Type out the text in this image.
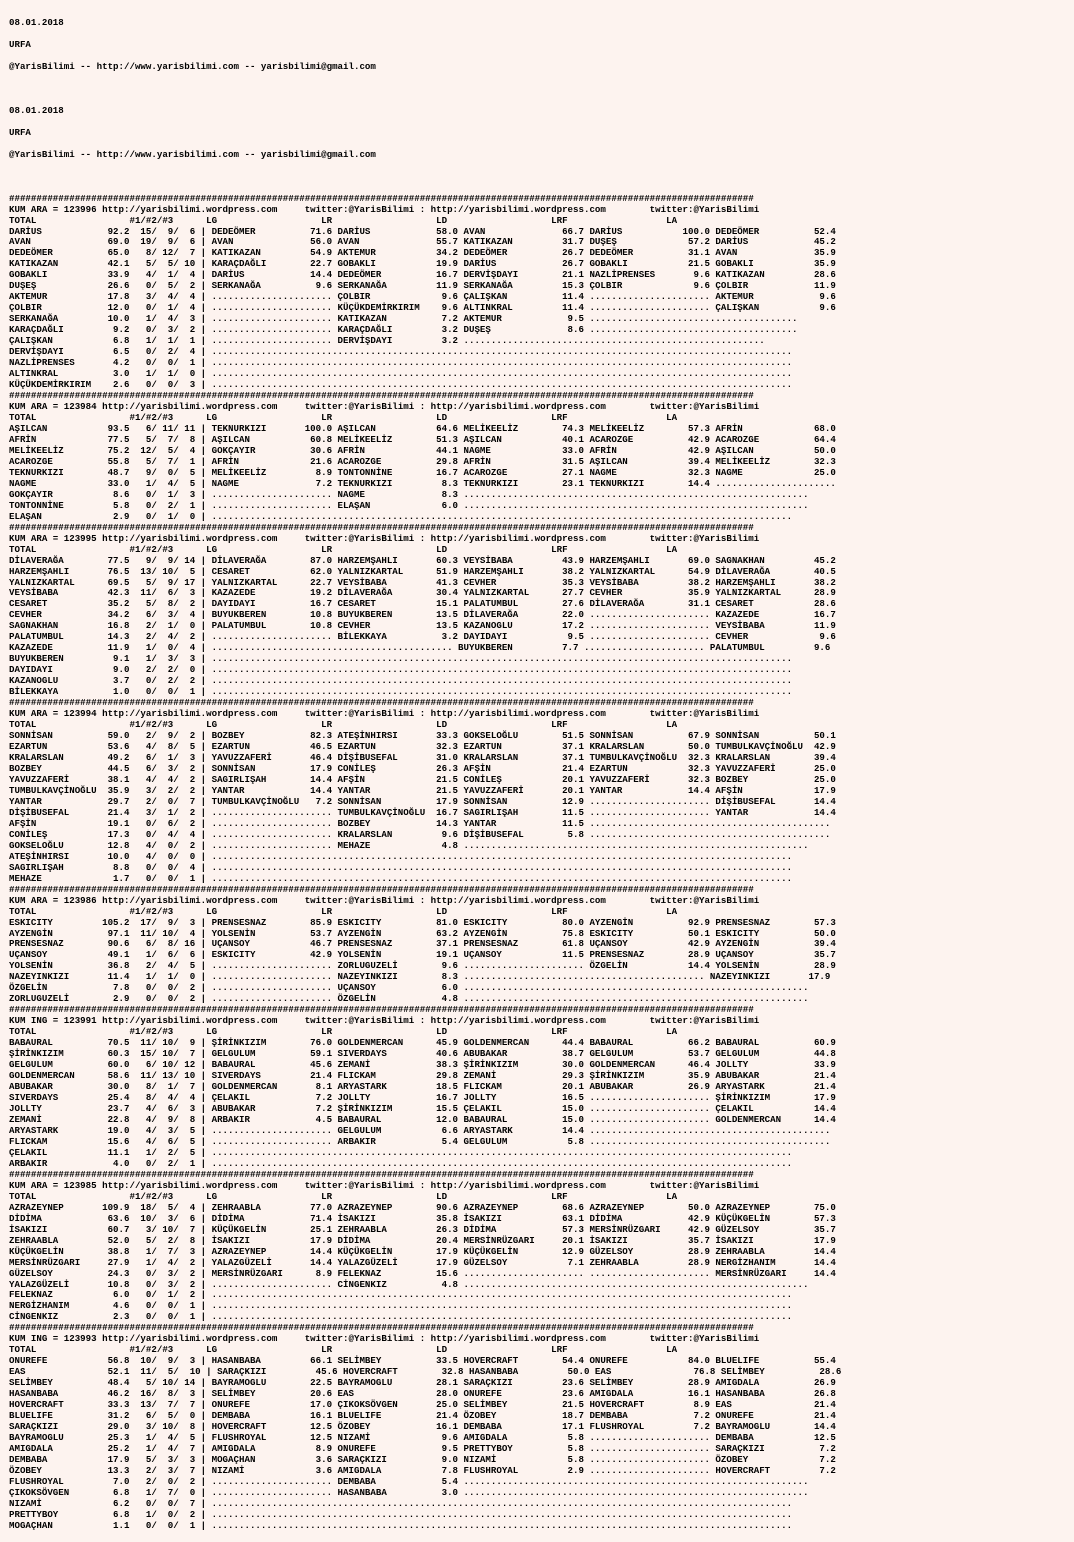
08.01.2018

URFA

@YarisBilimi -- http://www.yarisbilimi.com -- yarisbilimi@gmail.com

08.01.2018

URFA

@YarisBilimi -- http://www.yarisbilimi.com -- yarisbilimi@gmail.com

########################################################################################################################################
KUM ARA = 123996 http://yarisbilimi.wordpress.com     twitter:@YarisBilimi : http://yarisbilimi.wordpress.com        twitter:@YarisBilimi
TOTAL                 #1/#2/#3      LG                   LR                   LD                   LRF                  LA
DARİUS            92.2  15/  9/  6 | DEDEÖMER          71.6 DARİUS            58.0 AVAN              66.7 DARİUS           100.0 DEDEÖMER          52.4
AVAN              69.0  19/  9/  6 | AVAN              56.0 AVAN              55.7 KATIKAZAN         31.7 DUŞEŞ             57.2 DARİUS            45.2
DEDEÖMER          65.0   8/ 12/  7 | KATIKAZAN         54.9 AKTEMUR           34.2 DEDEÖMER          26.7 DEDEÖMER          31.1 AVAN              35.9
KATIKAZAN         42.1   5/  5/ 10 | KARAÇDAĞLI        22.7 GOBAKLI           19.9 DARİUS            26.7 GOBAKLI           21.5 GOBAKLI           35.9
GOBAKLI           33.9   4/  1/  4 | DARİUS            14.4 DEDEÖMER          16.7 DERVİŞDAYI        21.1 NAZLİPRENSES       9.6 KATIKAZAN         28.6
DUŞEŞ             26.6   0/  5/  2 | SERKANAĞA          9.6 SERKANAĞA         11.9 SERKANAĞA         15.3 ÇOLBIR             9.6 ÇOLBIR            11.9
AKTEMUR           17.8   3/  4/  4 | ...................... ÇOLBIR             9.6 ÇALIŞKAN          11.4 ...................... AKTEMUR            9.6
ÇOLBIR            12.0   0/  1/  4 | ...................... KÜÇÜKDEMİRKIRIM    9.6 ALTINKRAL         11.4 ...................... ÇALIŞKAN           9.6
SERKANAĞA         10.0   1/  4/  3 | ...................... KATIKAZAN          7.2 AKTEMUR            9.5 ......................................
KARAÇDAĞLI         9.2   0/  3/  2 | ...................... KARAÇDAĞLI         3.2 DUŞEŞ              8.6 ......................................
ÇALIŞKAN           6.8   1/  1/  1 | ...................... DERVİŞDAYI         3.2 .......................................................
DERVİŞDAYI         6.5   0/  2/  4 | ..........................................................................................................
NAZLİPRENSES       4.2   0/  0/  1 | ..........................................................................................................
ALTINKRAL          3.0   1/  1/  0 | ..........................................................................................................
KÜÇÜKDEMİRKIRIM    2.6   0/  0/  3 | ..........................................................................................................
########################################################################################################################################
KUM ARA = 123984 http://yarisbilimi.wordpress.com     twitter:@YarisBilimi : http://yarisbilimi.wordpress.com        twitter:@YarisBilimi
TOTAL                 #1/#2/#3      LG                   LR                   LD                   LRF                  LA
AŞILCAN           93.5   6/ 11/ 11 | TEKNURKIZI       100.0 AŞILCAN           64.6 MELİKEELİZ        74.3 MELİKEELİZ        57.3 AFRİN             68.0
AFRİN             77.5   5/  7/  8 | AŞILCAN           60.8 MELİKEELİZ        51.3 AŞILCAN           40.1 ACAROZGE          42.9 ACAROZGE          64.4
MELİKEELİZ        75.2  12/  5/  4 | GOKÇAYIR          30.6 AFRİN             44.1 NAGME             33.0 AFRİN             42.9 AŞILCAN           50.0
ACAROZGE          55.8   5/  7/  1 | AFRİN             21.6 ACAROZGE          29.8 AFRİN             31.5 AŞILCAN           39.4 MELİKEELİZ        32.3
TEKNURKIZI        48.7   9/  0/  5 | MELİKEELİZ         8.9 TONTONNİNE        16.7 ACAROZGE          27.1 NAGME             32.3 NAGME             25.0
NAGME             33.0   1/  4/  5 | NAGME              7.2 TEKNURKIZI         8.3 TEKNURKIZI        23.1 TEKNURKIZI        14.4 ......................
GOKÇAYIR           8.6   0/  1/  3 | ...................... NAGME              8.3 ...............................................................
TONTONNİNE         5.8   0/  2/  1 | ...................... ELAŞAN             6.0 ...............................................................
ELAŞAN             2.9   0/  1/  0 | ..........................................................................................................
########################################################################################################################################
KUM ARA = 123995 http://yarisbilimi.wordpress.com     twitter:@YarisBilimi : http://yarisbilimi.wordpress.com        twitter:@YarisBilimi
TOTAL                 #1/#2/#3      LG                   LR                   LD                   LRF                  LA
DİLAVERAĞA        77.5   9/  9/ 14 | DİLAVERAĞA        87.0 HARZEMŞAHLI       60.3 VEYSİBABA         43.9 HARZEMŞAHLI       69.0 SAGNAKHAN         45.2
HARZEMŞAHLI       76.5  13/ 10/  5 | CESARET           62.0 YALNIZKARTAL      51.9 HARZEMŞAHLI       38.2 YALNIZKARTAL      54.9 DİLAVERAĞA        40.5
YALNIZKARTAL      69.5   5/  9/ 17 | YALNIZKARTAL      22.7 VEYSİBABA         41.3 CEVHER            35.3 VEYSİBABA         38.2 HARZEMŞAHLI       38.2
VEYSİBABA         42.3  11/  6/  3 | KAZAZEDE          19.2 DİLAVERAĞA        30.4 YALNIZKARTAL      27.7 CEVHER            35.9 YALNIZKARTAL      28.9
CESARET           35.2   5/  8/  2 | DAYIDAYI          16.7 CESARET           15.1 PALATUMBUL        27.6 DİLAVERAĞA        31.1 CESARET           28.6
CEVHER            34.2   6/  3/  4 | BUYUKBEREN        10.8 BUYUKBEREN        13.5 DİLAVERAĞA        22.0 ...................... KAZAZEDE          16.7
SAGNAKHAN         16.8   2/  1/  0 | PALATUMBUL        10.8 CEVHER            13.5 KAZANOGLU         17.2 ...................... VEYSİBABA         11.9
PALATUMBUL        14.3   2/  4/  2 | ...................... BİLEKKAYA          3.2 DAYIDAYI           9.5 ...................... CEVHER             9.6
KAZAZEDE          11.9   1/  0/  4 | ............................................ BUYUKBEREN         7.7 ...................... PALATUMBUL         9.6
BUYUKBEREN         9.1   1/  3/  3 | ..........................................................................................................
DAYIDAYI           9.0   2/  2/  0 | ..........................................................................................................
KAZANOGLU          3.7   0/  2/  2 | ..........................................................................................................
BİLEKKAYA          1.0   0/  0/  1 | ..........................................................................................................
########################################################################################################################################
KUM ARA = 123994 http://yarisbilimi.wordpress.com     twitter:@YarisBilimi : http://yarisbilimi.wordpress.com        twitter:@YarisBilimi
TOTAL                 #1/#2/#3      LG                   LR                   LD                   LRF                  LA
SONNİSAN          59.0   2/  9/  2 | BOZBEY            82.3 ATEŞİNHIRSI       33.3 GOKSELOĞLU        51.5 SONNİSAN          67.9 SONNİSAN          50.1
EZARTUN           53.6   4/  8/  5 | EZARTUN           46.5 EZARTUN           32.3 EZARTUN           37.1 KRALARSLAN        50.0 TUMBULKAVÇİNOĞLU  42.9
KRALARSLAN        49.2   6/  1/  3 | YAVUZZAFERİ       46.4 DİŞİBUSEFAL       31.0 KRALARSLAN        37.1 TUMBULKAVÇİNOĞLU  32.3 KRALARSLAN        39.4
BOZBEY            44.5   6/  3/  2 | SONNİSAN          17.9 CONİLEŞ           26.3 AFŞİN             21.4 EZARTUN           32.3 YAVUZZAFERİ       25.0
YAVUZZAFERİ       38.1   4/  4/  2 | SAGIRLIŞAH        14.4 AFŞİN             21.5 CONİLEŞ           20.1 YAVUZZAFERİ       32.3 BOZBEY            25.0
TUMBULKAVÇİNOĞLU  35.9   3/  2/  2 | YANTAR            14.4 YANTAR            21.5 YAVUZZAFERİ       20.1 YANTAR            14.4 AFŞİN             17.9
YANTAR            29.7   2/  0/  7 | TUMBULKAVÇİNOĞLU   7.2 SONNİSAN          17.9 SONNİSAN          12.9 ...................... DİŞİBUSEFAL       14.4
DİŞİBUSEFAL       21.4   3/  1/  2 | ...................... TUMBULKAVÇİNOĞLU  16.7 SAGIRLIŞAH        11.5 ...................... YANTAR            14.4
AFŞİN             19.1   0/  6/  2 | ...................... BOZBEY            14.3 YANTAR            11.5 ............................................
CONİLEŞ           17.3   0/  4/  4 | ...................... KRALARSLAN         9.6 DİŞİBUSEFAL        5.8 ............................................
GOKSELOĞLU        12.8   4/  0/  2 | ...................... MEHAZE             4.8 ...............................................................
ATEŞİNHIRSI       10.0   4/  0/  0 | ..........................................................................................................
SAGIRLIŞAH         8.8   0/  0/  4 | ..........................................................................................................
MEHAZE             1.7   0/  0/  1 | ..........................................................................................................
########################################################################################################################################
KUM ARA = 123986 http://yarisbilimi.wordpress.com     twitter:@YarisBilimi : http://yarisbilimi.wordpress.com        twitter:@YarisBilimi
TOTAL                 #1/#2/#3      LG                   LR                   LD                   LRF                  LA
ESKICITY         105.2  17/  9/  3 | PRENSESNAZ        85.9 ESKICITY          81.0 ESKICITY          80.0 AYZENGİN          92.9 PRENSESNAZ        57.3
AYZENGİN          97.1  11/ 10/  4 | YOLSENİN          53.7 AYZENGİN          63.2 AYZENGİN          75.8 ESKICITY          50.1 ESKICITY          50.0
PRENSESNAZ        90.6   6/  8/ 16 | UÇANSOY           46.7 PRENSESNAZ        37.1 PRENSESNAZ        61.8 UÇANSOY           42.9 AYZENGİN          39.4
UÇANSOY           49.1   1/  6/  6 | ESKICITY          42.9 YOLSENİN          19.1 UÇANSOY           11.5 PRENSESNAZ        28.9 UÇANSOY           35.7
YOLSENİN          36.8   2/  4/  5 | ...................... ZORLUGUZELİ        9.6 ...................... ÖZGELİN           14.4 YOLSENİN          28.9
NAZEYINKIZI       11.4   1/  1/  0 | ...................... NAZEYINKIZI        8.3 ............................................ NAZEYINKIZI       17.9
ÖZGELİN            7.8   0/  0/  2 | ...................... UÇANSOY            6.0 ...............................................................
ZORLUGUZELİ        2.9   0/  0/  2 | ...................... ÖZGELİN            4.8 ...............................................................
########################################################################################################################################
KUM ING = 123991 http://yarisbilimi.wordpress.com     twitter:@YarisBilimi : http://yarisbilimi.wordpress.com        twitter:@YarisBilimi
TOTAL                 #1/#2/#3      LG                   LR                   LD                   LRF                  LA
BABAURAL          70.5  11/ 10/  9 | ŞİRİNKIZIM        76.0 GOLDENMERCAN      45.9 GOLDENMERCAN      44.4 BABAURAL          66.2 BABAURAL          60.9
ŞİRİNKIZIM        60.3  15/ 10/  7 | GELGULUM          59.1 SIVERDAYS         40.6 ABUBAKAR          38.7 GELGULUM          53.7 GELGULUM          44.8
GELGULUM          60.0   6/ 10/ 12 | BABAURAL          45.6 ZEMANİ            38.3 ŞİRİNKIZIM        30.0 GOLDENMERCAN      46.4 JOLLTY            33.9
GOLDENMERCAN      58.6  11/ 13/ 10 | SIVERDAYS         21.4 FLICKAM           29.8 ZEMANİ            29.3 ŞİRİNKIZIM        35.9 ABUBAKAR          21.4
ABUBAKAR          30.0   8/  1/  7 | GOLDENMERCAN       8.1 ARYASTARK         18.5 FLICKAM           20.1 ABUBAKAR          26.9 ARYASTARK         21.4
SIVERDAYS         25.4   8/  4/  4 | ÇELAKIL            7.2 JOLLTY            16.7 JOLLTY            16.5 ...................... ŞİRİNKIZIM        17.9
JOLLTY            23.7   4/  6/  3 | ABUBAKAR           7.2 ŞİRİNKIZIM        15.5 ÇELAKIL           15.0 ...................... ÇELAKIL           14.4
ZEMANİ            22.8   4/  9/  8 | ARBAKIR            4.5 BABAURAL          12.0 BABAURAL          15.0 ...................... GOLDENMERCAN      14.4
ARYASTARK         19.0   4/  3/  5 | ...................... GELGULUM           6.6 ARYASTARK         14.4 ............................................
FLICKAM           15.6   4/  6/  5 | ...................... ARBAKIR            5.4 GELGULUM           5.8 ............................................
ÇELAKIL           11.1   1/  2/  5 | ..........................................................................................................
ARBAKIR            4.0   0/  2/  1 | ..........................................................................................................
########################################################################################################################################
KUM ARA = 123985 http://yarisbilimi.wordpress.com     twitter:@YarisBilimi : http://yarisbilimi.wordpress.com        twitter:@YarisBilimi
TOTAL                 #1/#2/#3      LG                   LR                   LD                   LRF                  LA
AZRAZEYNEP       109.9  18/  5/  4 | ZEHRAABLA         77.0 AZRAZEYNEP        90.6 AZRAZEYNEP        68.6 AZRAZEYNEP        50.0 AZRAZEYNEP        75.0
DİDİMA            63.6  10/  3/  6 | DİDİMA            71.4 İSAKIZI           35.8 İSAKIZI           63.1 DİDİMA            42.9 KÜÇÜKGELİN        57.3
İSAKIZI           60.7   3/ 10/  7 | KÜÇÜKGELİN        25.1 ZEHRAABLA         26.3 DİDİMA            57.3 MERSİNRÜZGARI     42.9 GÜZELSOY          35.7
ZEHRAABLA         52.0   5/  2/  8 | İSAKIZI           17.9 DİDİMA            20.4 MERSİNRÜZGARI     20.1 İSAKIZI           35.7 İSAKIZI           17.9
KÜÇÜKGELİN        38.8   1/  7/  3 | AZRAZEYNEP        14.4 KÜÇÜKGELİN        17.9 KÜÇÜKGELİN        12.9 GÜZELSOY          28.9 ZEHRAABLA         14.4
MERSİNRÜZGARI     27.9   1/  4/  2 | YALAZGÜZELİ       14.4 YALAZGÜZELİ       17.9 GÜZELSOY           7.1 ZEHRAABLA         28.9 NERGİZHANIM       14.4
GÜZELSOY          24.3   0/  3/  2 | MERSİNRÜZGARI      8.9 FELEKNAZ          15.6 ...................... ...................... MERSİNRÜZGARI     14.4
YALAZGÜZELİ       10.8   0/  3/  2 | ...................... CİNGENKIZ          4.8 ...............................................................
FELEKNAZ           6.0   0/  1/  2 | ..........................................................................................................
NERGİZHANIM        4.6   0/  0/  1 | ..........................................................................................................
CİNGENKIZ          2.3   0/  0/  1 | ..........................................................................................................
########################################################################################################################################
KUM ING = 123993 http://yarisbilimi.wordpress.com     twitter:@YarisBilimi : http://yarisbilimi.wordpress.com        twitter:@YarisBilimi
TOTAL                 #1/#2/#3      LG                   LR                   LD                   LRF                  LA
ONUREFE           56.8  10/  9/  3 | HASANBABA         66.1 SELİMBEY          33.5 HOVERCRAFT        54.4 ONUREFE           84.0 BLUELIFE          55.4
EAS               52.1  11/  5/  10 | SARAÇKIZI         45.6 HOVERCRAFT        32.8 HASANBABA         50.0 EAS               76.8 SELİMBEY          28.6
SELİMBEY          48.4   5/ 10/ 14 | BAYRAMOGLU        22.5 BAYRAMOGLU        28.1 SARAÇKIZI         23.6 SELİMBEY          28.9 AMIGDALA          26.9
HASANBABA         46.2  16/  8/  3 | SELİMBEY          20.6 EAS               28.0 ONUREFE           23.6 AMIGDALA          16.1 HASANBABA         26.8
HOVERCRAFT        33.3  13/  7/  7 | ONUREFE           17.0 ÇIKOKSÖVGEN       25.0 SELİMBEY          21.5 HOVERCRAFT         8.9 EAS               21.4
BLUELIFE          31.2   6/  5/  0 | DEMBABA           16.1 BLUELIFE          21.4 ÖZOBEY            18.7 DEMBABA            7.2 ONUREFE           21.4
SARAÇKIZI         29.0   3/ 10/  8 | HOVERCRAFT        12.5 ÖZOBEY            16.1 DEMBABA           17.1 FLUSHROYAL         7.2 BAYRAMOGLU        14.4
BAYRAMOGLU        25.3   1/  4/  5 | FLUSHROYAL        12.5 NIZAMİ             9.6 AMIGDALA           5.8 ...................... DEMBABA           12.5
AMIGDALA          25.2   1/  4/  7 | AMIGDALA           8.9 ONUREFE            9.5 PRETTYBOY          5.8 ...................... SARAÇKIZI          7.2
DEMBABA           17.9   5/  3/  3 | MOGAÇHAN           3.6 SARAÇKIZI          9.0 NIZAMİ             5.8 ...................... ÖZOBEY             7.2
ÖZOBEY            13.3   2/  3/  7 | NIZAMİ             3.6 AMIGDALA           7.8 FLUSHROYAL         2.9 ...................... HOVERCRAFT         7.2
FLUSHROYAL         7.0   2/  0/  2 | ...................... DEMBABA            5.4 ...............................................................
ÇIKOKSÖVGEN        6.8   1/  7/  0 | ...................... HASANBABA          3.0 ...............................................................
NIZAMİ             6.2   0/  0/  7 | ..........................................................................................................
PRETTYBOY          6.8   1/  0/  2 | ..........................................................................................................
MOGAÇHAN           1.1   0/  0/  1 | ..........................................................................................................
